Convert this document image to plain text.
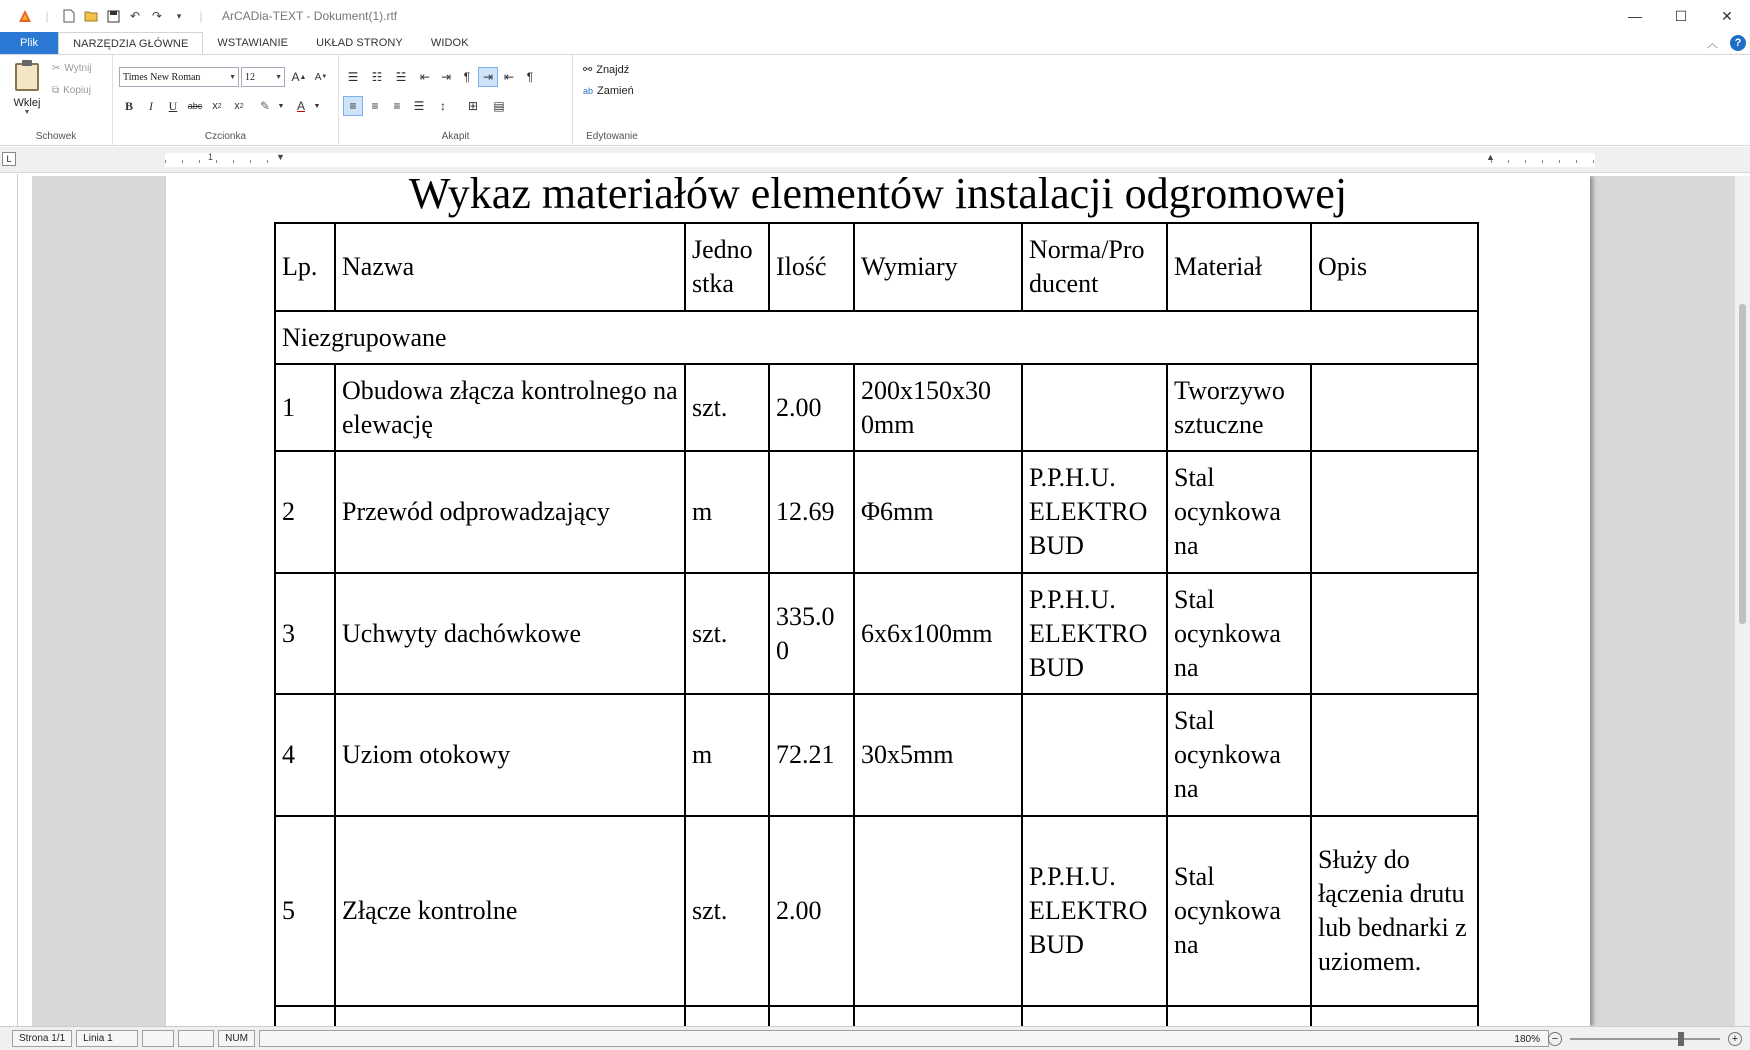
|	↶ ↷	▾	|	ArCADia-TEXT - Dokument(1).rtf	—	☐	✕
Plik	NARZĘDZIA GŁÓWNE	WSTAWIANIE	UKŁAD STRONY	WIDOK	︿	?
Wklej
▼
✂ Wytnij
⧉ Kopiuj
Schowek
Times New Roman	▼ 12	▼ A ▲ A ▼
B	I	U	abc x 2	x 2	✎	▼	A	▼
Czcionka
☰	☷	☱	⇤ ⇥	¶	⇥ ⇤	¶
≡	≡	≡	☰	↕	⊞	▤
Akapit
⚯ Znajdź
ab Zamień
Edytowanie
L	1	▼	▲
Wykaz materiałów elementów instalacji odgromowej
Lp.	Nazwa	Jedno stka	Ilość	Wymiary	Norma/Pro ducent	Materiał	Opis
Niezgrupowane							
1	Obudowa złącza kontrolnego na elewację	szt.	2.00	200x150x30 0mm		Tworzywo sztuczne	
2	Przewód odprowadzający	m	12.69	Φ6mm	P.P.H.U. ELEKTRO BUD	Stal ocynkowa na	
3	Uchwyty dachówkowe	szt.	335.0 0	6x6x100mm	P.P.H.U. ELEKTRO BUD	Stal ocynkowa na	
4	Uziom otokowy	m	72.21	30x5mm		Stal ocynkowa na	
5	Złącze kontrolne	szt.	2.00		P.P.H.U. ELEKTRO BUD	Stal ocynkowa na	Służy do łączenia drutu lub bednarki z uziomem.

Strona 1/1	Linia 1	NUM	180%	−	+
